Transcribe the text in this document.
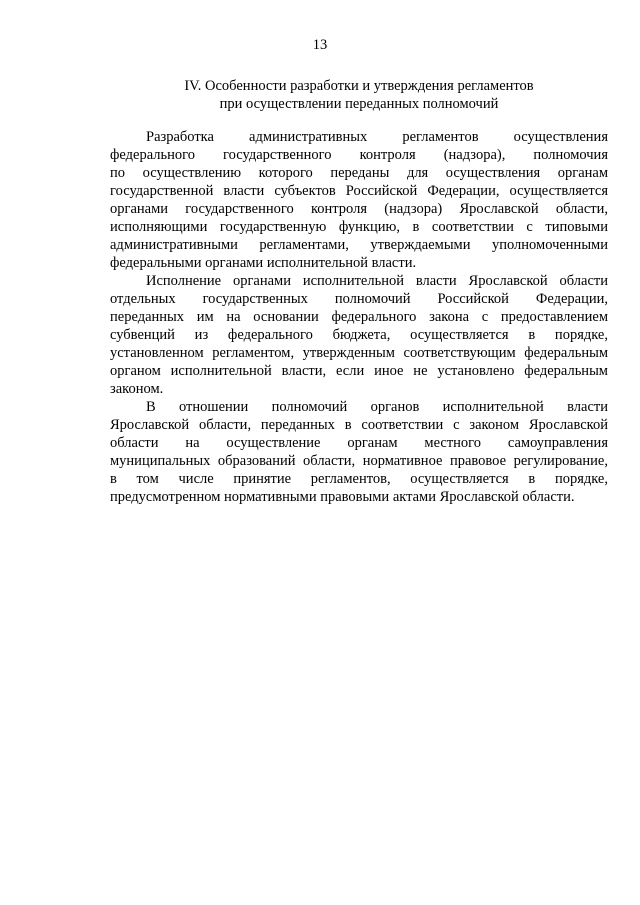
13
IV. Особенности разработки и утверждения регламентов
при осуществлении переданных полномочий
Разработка административных регламентов осуществления
федерального государственного контроля (надзора), полномочия
по осуществлению которого переданы для осуществления органам
государственной власти субъектов Российской Федерации, осуществляется
органами государственного контроля (надзора) Ярославской области,
исполняющими государственную функцию, в соответствии с типовыми
административными регламентами, утверждаемыми уполномоченными
федеральными органами исполнительной власти.
Исполнение органами исполнительной власти Ярославской области
отдельных государственных полномочий Российской Федерации,
переданных им на основании федерального закона с предоставлением
субвенций из федерального бюджета, осуществляется в порядке,
установленном регламентом, утвержденным соответствующим федеральным
органом исполнительной власти, если иное не установлено федеральным
законом.
В отношении полномочий органов исполнительной власти
Ярославской области, переданных в соответствии с законом Ярославской
области на осуществление органам местного самоуправления
муниципальных образований области, нормативное правовое регулирование,
в том числе принятие регламентов, осуществляется в порядке,
предусмотренном нормативными правовыми актами Ярославской области.
